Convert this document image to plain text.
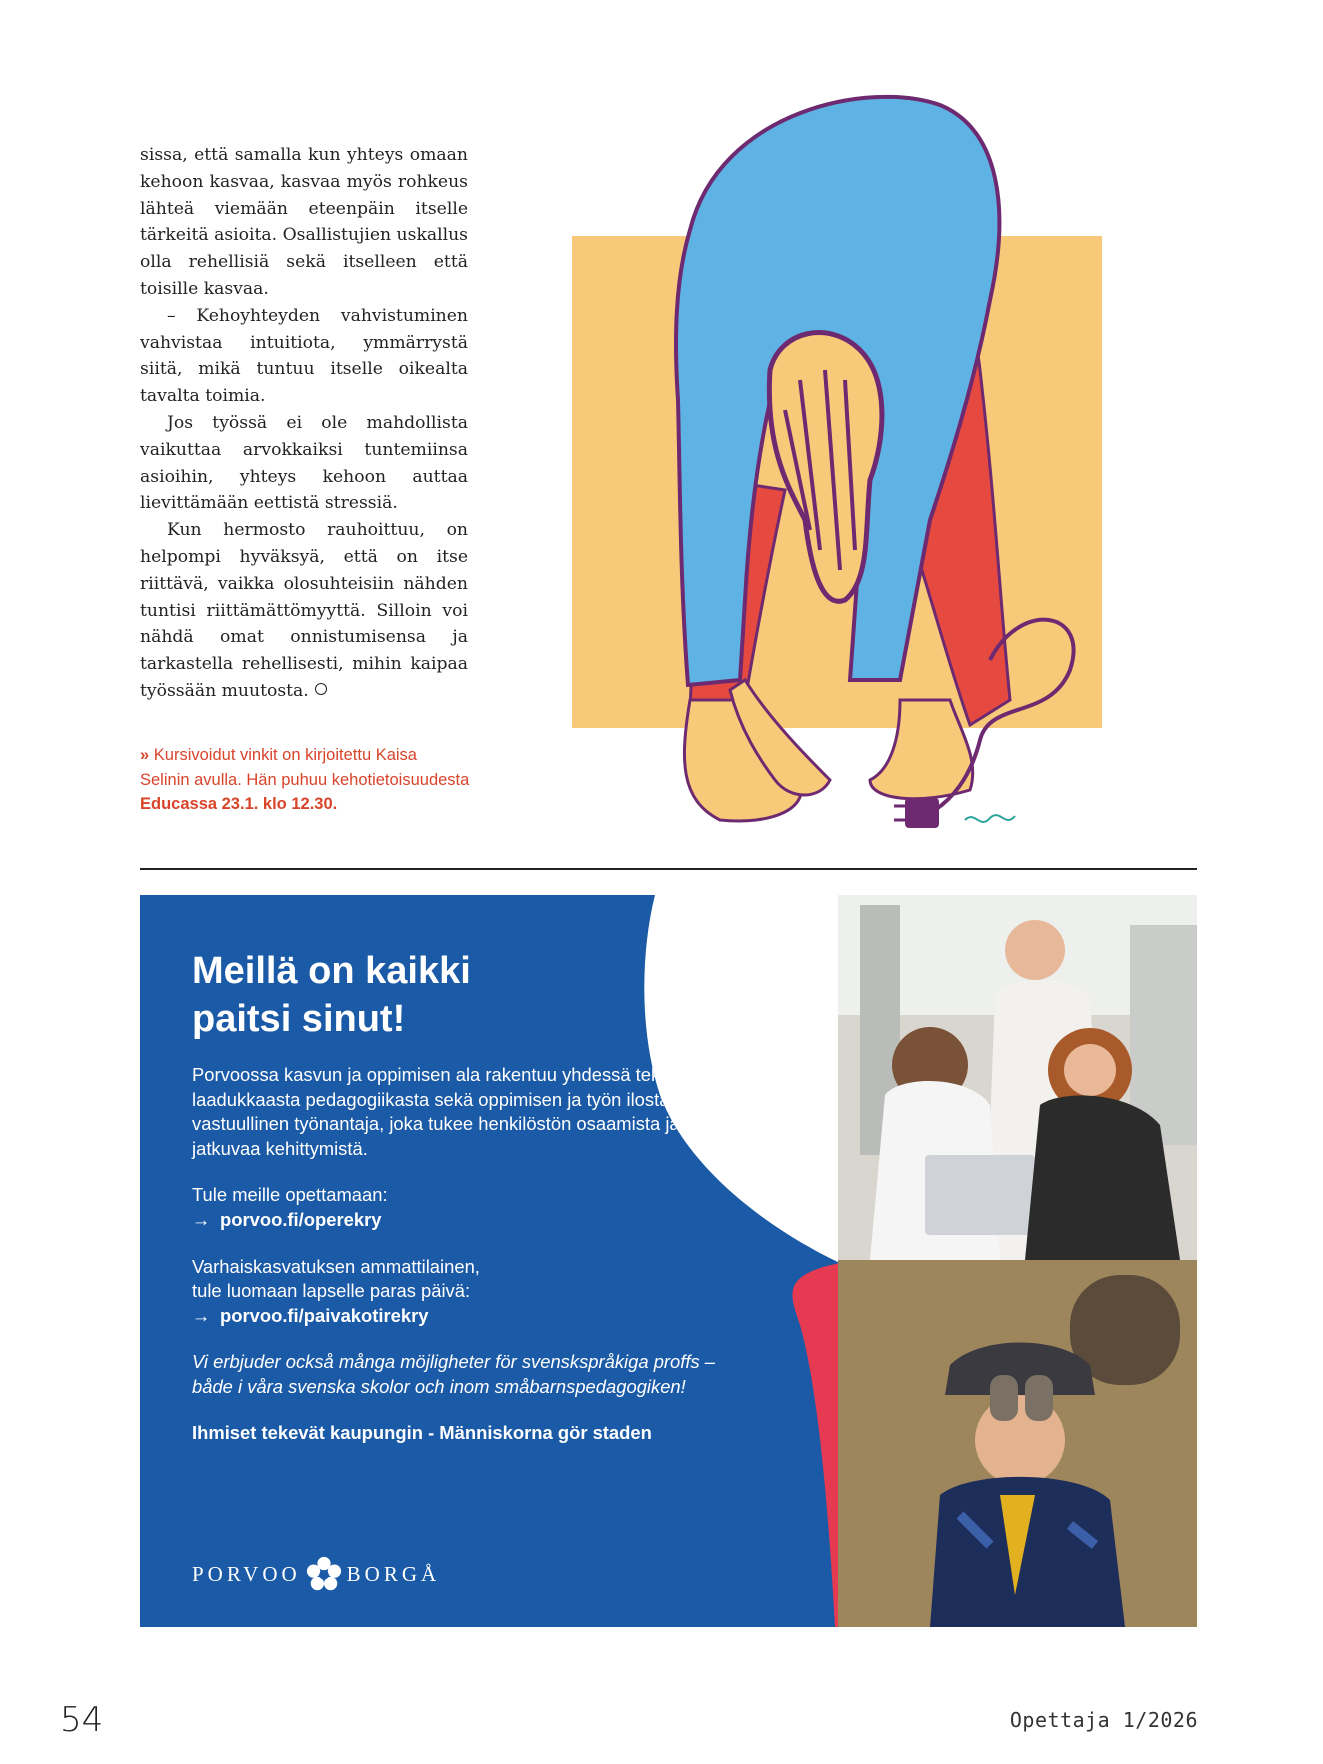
sissa, että samalla kun yhteys omaan kehoon kasvaa, kasvaa myös rohkeus lähteä viemään eteenpäin itselle tärkeitä asioita. Osallistujien uskallus olla rehellisiä sekä itselleen että toisille kasvaa.

– Kehoyhteyden vahvistuminen vahvistaa intuitiota, ymmärrystä siitä, mikä tuntuu itselle oikealta tavalta toimia.

Jos työssä ei ole mahdollista vaikuttaa arvokkaiksi tuntemiinsa asioihin, yhteys kehoon auttaa lievittämään eettistä stressiä.

Kun hermosto rauhoittuu, on helpompi hyväksyä, että on itse riittävä, vaikka olosuhteisiin nähden tuntisi riittämättömyyttä. Silloin voi nähdä omat onnistumisensa ja tarkastella rehellisesti, mihin kaipaa työssään muutosta.

» Kursivoidut vinkit on kirjoitettu Kaisa Selinin avulla. Hän puhuu kehotietoisuudesta Educassa 23.1. klo 12.30.
Meillä on kaikki
paitsi sinut!

Porvoossa kasvun ja oppimisen ala rakentuu yhdessä tekemisestä, laadukkaasta pedagogiikasta sekä oppimisen ja työn ilosta. Olemme vastuullinen työnantaja, joka tukee henkilöstön osaamista ja jatkuvaa kehittymistä.

Tule meille opettamaan:

→ porvoo.fi/operekry

Varhaiskasvatuksen ammattilainen,
tule luomaan lapselle paras päivä:

→ porvoo.fi/paivakotirekry

Vi erbjuder också många möjligheter för svenskspråkiga proffs – både i våra svenska skolor och inom småbarnspedagogiken!

Ihmiset tekevät kaupungin - Människorna gör staden

PORVOO BORGÅ
54	Opettaja 1/2026
